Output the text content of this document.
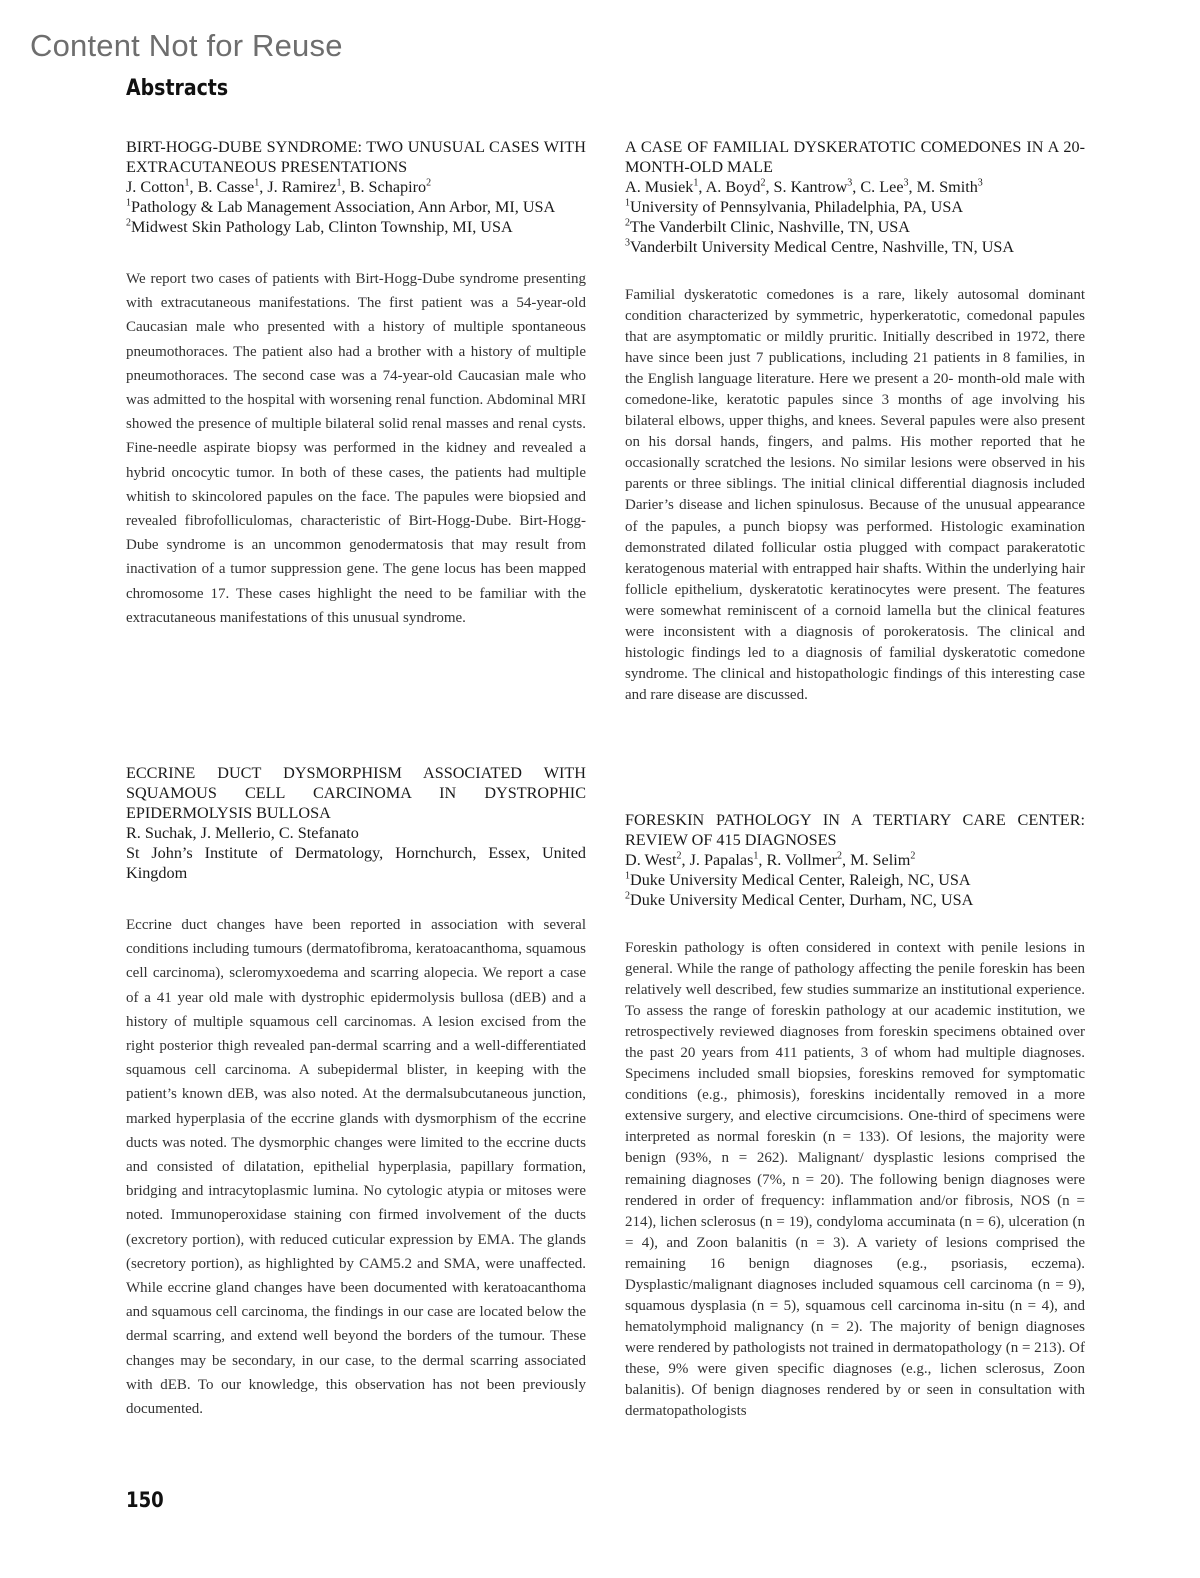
Content Not for Reuse
Abstracts
BIRT-HOGG-DUBE SYNDROME: TWO UNUSUAL CASES WITH EXTRACUTANEOUS PRESENTATIONS

J. Cotton$^1$, B. Casse$^1$, J. Ramirez$^1$, B. Schapiro$^2$

$^1$Pathology & Lab Management Association, Ann Arbor, MI, USA

$^2$Midwest Skin Pathology Lab, Clinton Township, MI, USA

We report two cases of patients with Birt-Hogg-Dube syndrome presenting with extracutaneous manifestations. The first patient was a 54-year-old Caucasian male who presented with a history of multiple spontaneous pneumothoraces. The patient also had a brother with a history of multiple pneumothoraces. The second case was a 74-year-old Caucasian male who was admitted to the hospital with worsening renal function. Abdominal MRI showed the presence of multiple bilateral solid renal masses and renal cysts. Fine-needle aspirate biopsy was performed in the kidney and revealed a hybrid oncocytic tumor. In both of these cases, the patients had multiple whitish to skincolored papules on the face. The papules were biopsied and revealed fibrofolliculomas, characteristic of Birt-Hogg-Dube. Birt-Hogg-Dube syndrome is an uncommon genodermatosis that may result from inactivation of a tumor suppression gene. The gene locus has been mapped chromosome 17. These cases highlight the need to be familiar with the extracutaneous manifestations of this unusual syndrome.

ECCRINE DUCT DYSMORPHISM ASSOCIATED WITH SQUAMOUS CELL CARCINOMA IN DYSTROPHIC EPIDERMOLYSIS BULLOSA

R. Suchak, J. Mellerio, C. Stefanato

St John’s Institute of Dermatology, Hornchurch, Essex, United Kingdom

Eccrine duct changes have been reported in association with several conditions including tumours (dermatofibroma, keratoacanthoma, squamous cell carcinoma), scleromyxoedema and scarring alopecia. We report a case of a 41 year old male with dystrophic epidermolysis bullosa (dEB) and a history of multiple squamous cell carcinomas. A lesion excised from the right posterior thigh revealed pan-dermal scarring and a well-differentiated squamous cell carcinoma. A subepidermal blister, in keeping with the patient’s known dEB, was also noted. At the dermalsubcutaneous junction, marked hyperplasia of the eccrine glands with dysmorphism of the eccrine ducts was noted. The dysmorphic changes were limited to the eccrine ducts and consisted of dilatation, epithelial hyperplasia, papillary formation, bridging and intracytoplasmic lumina. No cytologic atypia or mitoses were noted. Immunoperoxidase staining con firmed involvement of the ducts (excretory portion), with reduced cuticular expression by EMA. The glands (secretory portion), as highlighted by CAM5.2 and SMA, were unaffected. While eccrine gland changes have been documented with keratoacanthoma and squamous cell carcinoma, the findings in our case are located below the dermal scarring, and extend well beyond the borders of the tumour. These changes may be secondary, in our case, to the dermal scarring associated with dEB. To our knowledge, this observation has not been previously documented.

A CASE OF FAMILIAL DYSKERATOTIC COMEDONES IN A 20- MONTH-OLD MALE

A. Musiek$^1$, A. Boyd$^2$, S. Kantrow$^3$, C. Lee$^3$, M. Smith$^3$

$^1$University of Pennsylvania, Philadelphia, PA, USA

$^2$The Vanderbilt Clinic, Nashville, TN, USA

$^3$Vanderbilt University Medical Centre, Nashville, TN, USA

Familial dyskeratotic comedones is a rare, likely autosomal dominant condition characterized by symmetric, hyperkeratotic, comedonal papules that are asymptomatic or mildly pruritic. Initially described in 1972, there have since been just 7 publications, including 21 patients in 8 families, in the English language literature. Here we present a 20- month-old male with comedone-like, keratotic papules since 3 months of age involving his bilateral elbows, upper thighs, and knees. Several papules were also present on his dorsal hands, fingers, and palms. His mother reported that he occasionally scratched the lesions. No similar lesions were observed in his parents or three siblings. The initial clinical differential diagnosis included Darier’s disease and lichen spinulosus. Because of the unusual appearance of the papules, a punch biopsy was performed. Histologic examination demonstrated dilated follicular ostia plugged with compact parakeratotic keratogenous material with entrapped hair shafts. Within the underlying hair follicle epithelium, dyskeratotic keratinocytes were present. The features were somewhat reminiscent of a cornoid lamella but the clinical features were inconsistent with a diagnosis of porokeratosis. The clinical and histologic findings led to a diagnosis of familial dyskeratotic comedone syndrome. The clinical and histopathologic findings of this interesting case and rare disease are discussed.

FORESKIN PATHOLOGY IN A TERTIARY CARE CENTER: REVIEW OF 415 DIAGNOSES

D. West$^2$, J. Papalas$^1$, R. Vollmer$^2$, M. Selim$^2$

$^1$Duke University Medical Center, Raleigh, NC, USA

$^2$Duke University Medical Center, Durham, NC, USA

Foreskin pathology is often considered in context with penile lesions in general. While the range of pathology affecting the penile foreskin has been relatively well described, few studies summarize an institutional experience. To assess the range of foreskin pathology at our academic institution, we retrospectively reviewed diagnoses from foreskin specimens obtained over the past 20 years from 411 patients, 3 of whom had multiple diagnoses. Specimens included small biopsies, foreskins removed for symptomatic conditions (e.g., phimosis), foreskins incidentally removed in a more extensive surgery, and elective circumcisions. One-third of specimens were interpreted as normal foreskin (n = 133). Of lesions, the majority were benign (93%, n = 262). Malignant/ dysplastic lesions comprised the remaining diagnoses (7%, n = 20). The following benign diagnoses were rendered in order of frequency: inflammation and/or fibrosis, NOS (n = 214), lichen sclerosus (n = 19), condyloma accuminata (n = 6), ulceration (n = 4), and Zoon balanitis (n = 3). A variety of lesions comprised the remaining 16 benign diagnoses (e.g., psoriasis, eczema). Dysplastic/malignant diagnoses included squamous cell carcinoma (n = 9), squamous dysplasia (n = 5), squamous cell carcinoma in-situ (n = 4), and hematolymphoid malignancy (n = 2). The majority of benign diagnoses were rendered by pathologists not trained in dermatopathology (n = 213). Of these, 9% were given specific diagnoses (e.g., lichen sclerosus, Zoon balanitis). Of benign diagnoses rendered by or seen in consultation with dermatopathologists

150
